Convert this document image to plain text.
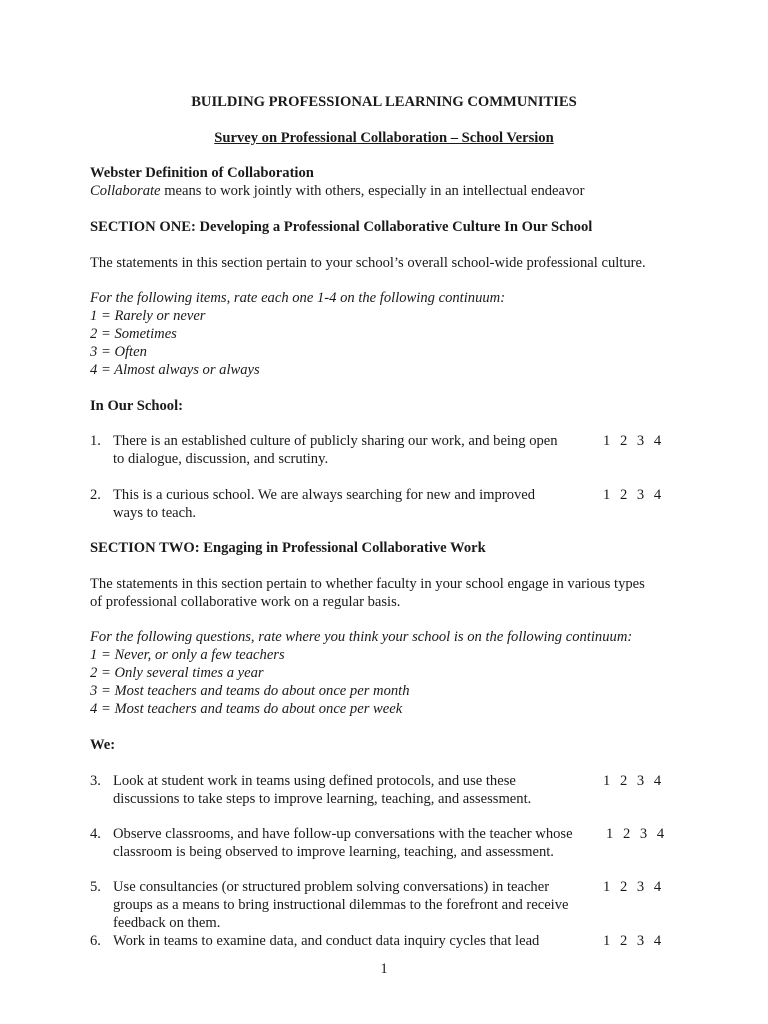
BUILDING PROFESSIONAL LEARNING COMMUNITIES
Survey on Professional Collaboration – School Version
Webster Definition of Collaboration
Collaborate means to work jointly with others, especially in an intellectual endeavor
SECTION ONE: Developing a Professional Collaborative Culture In Our School
The statements in this section pertain to your school’s overall school-wide professional culture.
For the following items, rate each one 1-4 on the following continuum:
1 = Rarely or never
2 = Sometimes
3 = Often
4 = Almost always or always
In Our School:
1. There is an established culture of publicly sharing our work, and being open
to dialogue, discussion, and scrutiny.
1 2 3 4
2. This is a curious school. We are always searching for new and improved
ways to teach.
1 2 3 4
SECTION TWO: Engaging in Professional Collaborative Work
The statements in this section pertain to whether faculty in your school engage in various types
of professional collaborative work on a regular basis.
For the following questions, rate where you think your school is on the following continuum:
1 = Never, or only a few teachers
2 = Only several times a year
3 = Most teachers and teams do about once per month
4 = Most teachers and teams do about once per week
We:
3. Look at student work in teams using defined protocols, and use these
discussions to take steps to improve learning, teaching, and assessment.
1 2 3 4
4. Observe classrooms, and have follow-up conversations with the teacher whose
classroom is being observed to improve learning, teaching, and assessment.
1 2 3 4
5. Use consultancies (or structured problem solving conversations) in teacher
groups as a means to bring instructional dilemmas to the forefront and receive
feedback on them.
1 2 3 4
6. Work in teams to examine data, and conduct data inquiry cycles that lead	1 2 3 4
1
